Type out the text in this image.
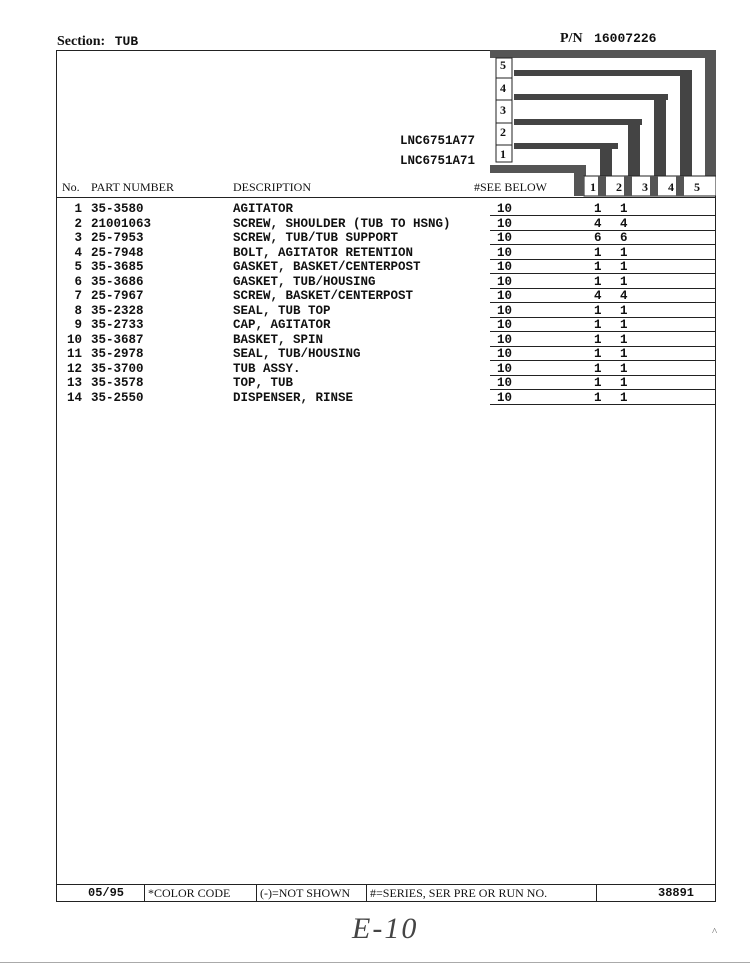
Section: TUB	P/N 16007226
5
4
3
2
1
LNC6751A77
LNC6751A71
No. PART NUMBER	DESCRIPTION	#SEE BELOW	1 2 3 4 5
1 35-3580	AGITATOR	10	1 1
2 21001063	SCREW, SHOULDER (TUB TO HSNG)	10	4 4
3 25-7953	SCREW, TUB/TUB SUPPORT	10	6 6
4 25-7948	BOLT, AGITATOR RETENTION	10	1 1
5 35-3685	GASKET, BASKET/CENTERPOST	10	1 1
6 35-3686	GASKET, TUB/HOUSING	10	1 1
7 25-7967	SCREW, BASKET/CENTERPOST	10	4 4
8 35-2328	SEAL, TUB TOP	10	1 1
9 35-2733	CAP, AGITATOR	10	1 1
10 35-3687	BASKET, SPIN	10	1 1
11 35-2978	SEAL, TUB/HOUSING	10	1 1
12 35-3700	TUB ASSY.	10	1 1
13 35-3578	TOP, TUB	10	1 1
14 35-2550	DISPENSER, RINSE	10	1 1
05/95 *COLOR CODE (-)=NOT SHOWN #=SERIES, SER PRE OR RUN NO.	38891
E-10	^
